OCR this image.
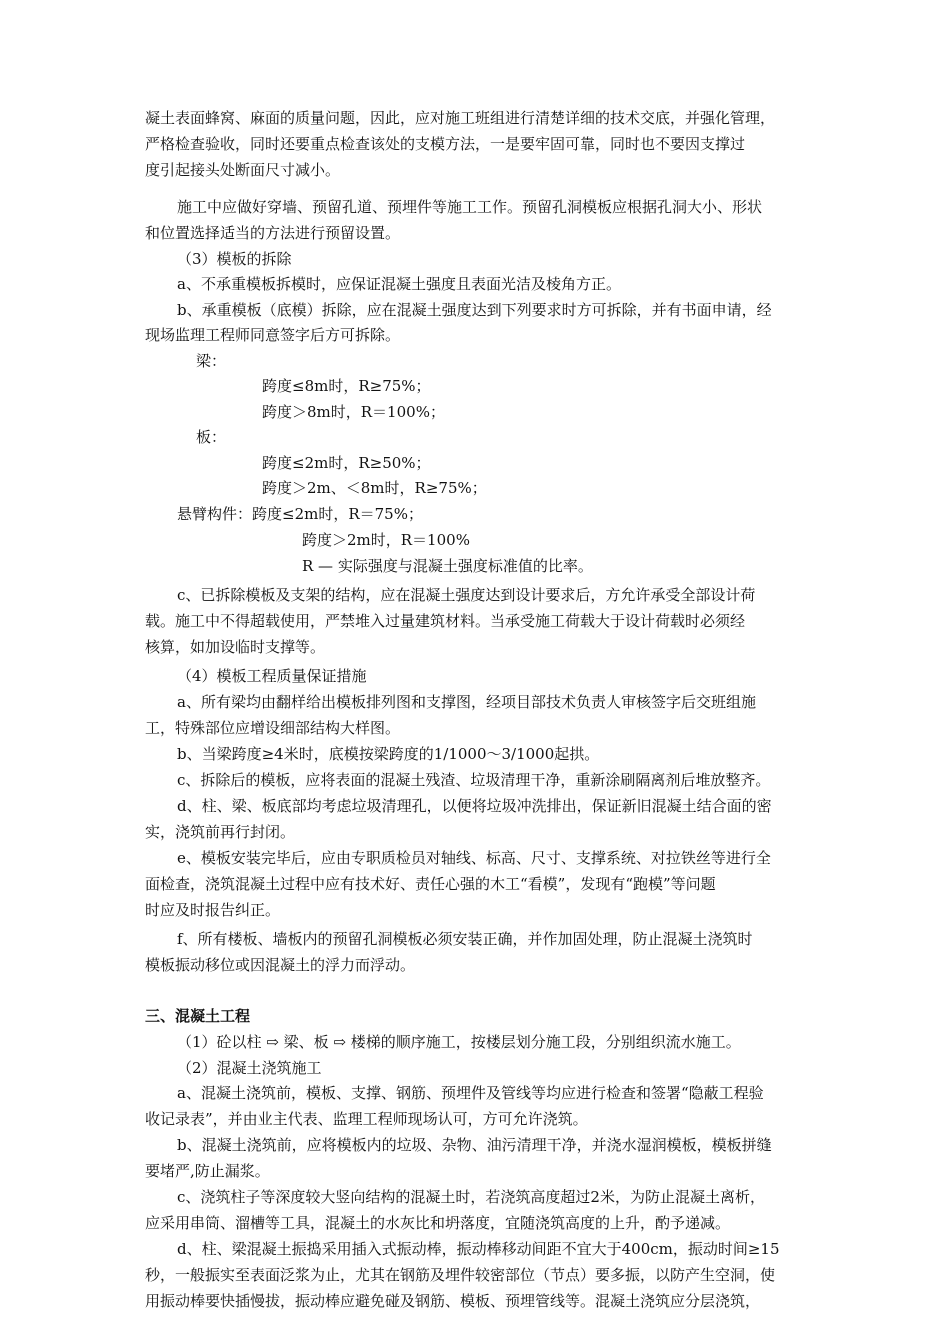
凝土表面蜂窝、麻面的质量问题，因此，应对施工班组进行清楚详细的技术交底，并强化管理，
严格检查验收，同时还要重点检查该处的支模方法，一是要牢固可靠，同时也不要因支撑过
度引起接头处断面尺寸减小。
施工中应做好穿墙、预留孔道、预埋件等施工工作。预留孔洞模板应根据孔洞大小、形状
和位置选择适当的方法进行预留设置。
（3）模板的拆除
a、不承重模板拆模时，应保证混凝土强度且表面光洁及棱角方正。
b、承重模板（底模）拆除，应在混凝土强度达到下列要求时方可拆除，并有书面申请，经
现场监理工程师同意签字后方可拆除。
梁：
跨度≤8m时，R≥75%；
跨度＞8m时，R＝100%；
板：
跨度≤2m时，R≥50%；
跨度＞2m、＜8m时，R≥75%；
悬臂构件：跨度≤2m时，R＝75%；
跨度＞2m时，R＝100%
R — 实际强度与混凝土强度标准值的比率。
c、已拆除模板及支架的结构，应在混凝土强度达到设计要求后，方允许承受全部设计荷
载。施工中不得超载使用，严禁堆入过量建筑材料。当承受施工荷载大于设计荷载时必须经
核算，如加设临时支撑等。
（4）模板工程质量保证措施
a、所有梁均由翻样给出模板排列图和支撑图，经项目部技术负责人审核签字后交班组施
工，特殊部位应增设细部结构大样图。
b、当梁跨度≥4米时，底模按梁跨度的1/1000～3/1000起拱。
c、拆除后的模板，应将表面的混凝土残渣、垃圾清理干净，重新涂刷隔离剂后堆放整齐。
d、柱、梁、板底部均考虑垃圾清理孔，以便将垃圾冲洗排出，保证新旧混凝土结合面的密
实，浇筑前再行封闭。
e、模板安装完毕后，应由专职质检员对轴线、标高、尺寸、支撑系统、对拉铁丝等进行全
面检查，浇筑混凝土过程中应有技术好、责任心强的木工“看模”，发现有“跑模”等问题
时应及时报告纠正。
f、所有楼板、墙板内的预留孔洞模板必须安装正确，并作加固处理，防止混凝土浇筑时
模板振动移位或因混凝土的浮力而浮动。
三、混凝土工程
（1）砼以柱 ⇨ 梁、板 ⇨ 楼梯的顺序施工，按楼层划分施工段，分别组织流水施工。
（2）混凝土浇筑施工
a、混凝土浇筑前，模板、支撑、钢筋、预埋件及管线等均应进行检查和签署“隐蔽工程验
收记录表”，并由业主代表、监理工程师现场认可，方可允许浇筑。
b、混凝土浇筑前，应将模板内的垃圾、杂物、油污清理干净，并浇水湿润模板，模板拼缝
要堵严,防止漏浆。
c、浇筑柱子等深度较大竖向结构的混凝土时，若浇筑高度超过2米，为防止混凝土离析，
应采用串筒、溜槽等工具，混凝土的水灰比和坍落度，宜随浇筑高度的上升，酌予递减。
d、柱、梁混凝土振捣采用插入式振动棒，振动棒移动间距不宜大于400cm，振动时间≥15
秒，一般振实至表面泛浆为止，尤其在钢筋及埋件较密部位（节点）要多振，以防产生空洞，使
用振动棒要快插慢拔，振动棒应避免碰及钢筋、模板、预埋管线等。混凝土浇筑应分层浇筑，
